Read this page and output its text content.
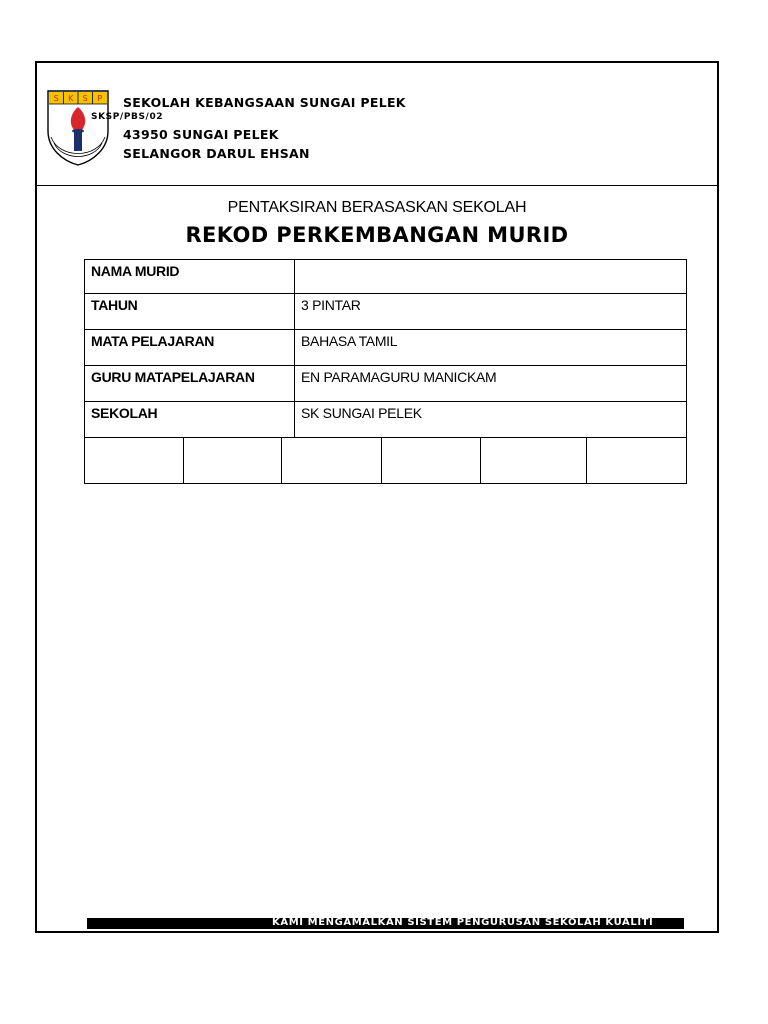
S K S P SEKOLAH KEBANGSAAN SUNGAI PELEK
SKSP/PBS/02
43950 SUNGAI PELEK
SELANGOR DARUL EHSAN
PENTAKSIRAN BERASASKAN SEKOLAH
REKOD PERKEMBANGAN MURID
NAMA MURID	
TAHUN	3 PINTAR
MATA PELAJARAN	BAHASA TAMIL
GURU MATAPELAJARAN	EN PARAMAGURU MANICKAM
SEKOLAH	SK SUNGAI PELEK
KAMI MENGAMALKAN SISTEM PENGURUSAN SEKOLAH KUALITI
